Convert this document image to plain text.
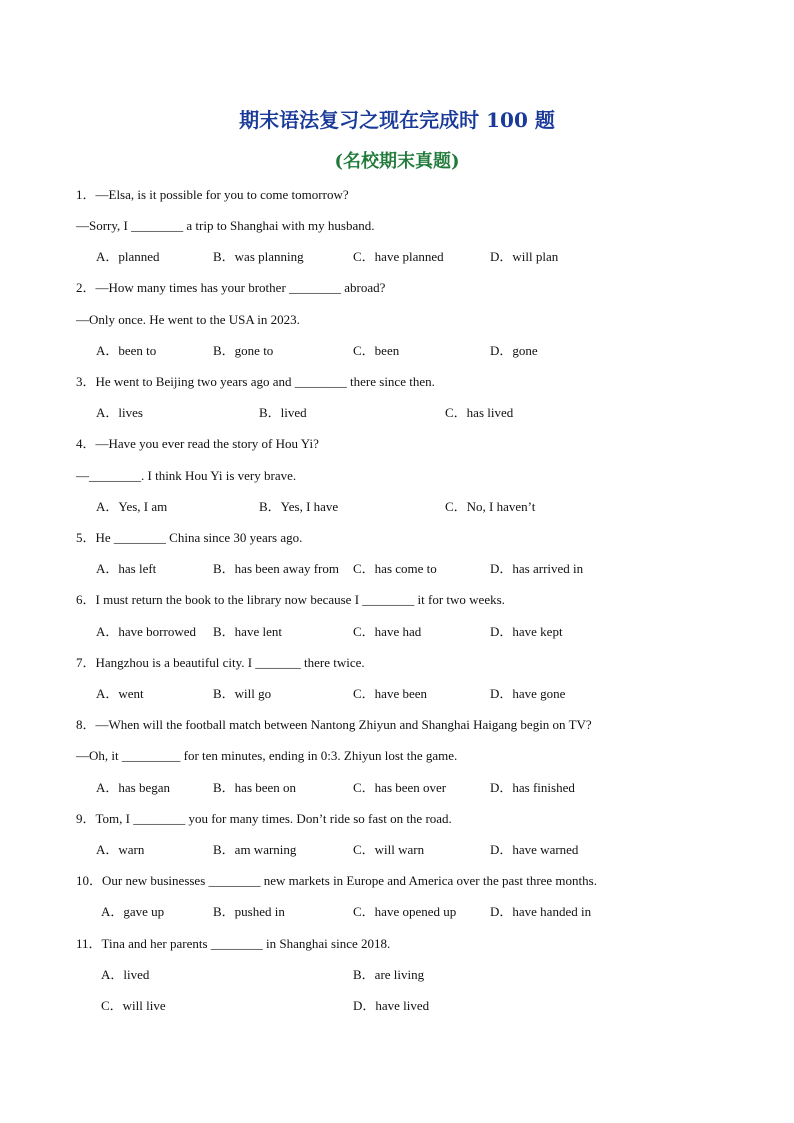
期末语法复习之现在完成时 100 题
(名校期末真题)
1．—Elsa, is it possible for you to come tomorrow?
—Sorry, I ________ a trip to Shanghai with my husband.
A．planned	B．was planning	C．have planned	D．will plan
2．—How many times has your brother ________ abroad?
—Only once. He went to the USA in 2023.
A．been to	B．gone to	C．been	D．gone
3．He went to Beijing two years ago and ________ there since then.
A．lives	B．lived	C．has lived
4．—Have you ever read the story of Hou Yi?
—________. I think Hou Yi is very brave.
A．Yes, I am	B．Yes, I have	C．No, I haven’t
5．He ________ China since 30 years ago.
A．has left	B．has been away from C．has come to	D．has arrived in
6．I must return the book to the library now because I ________ it for two weeks.
A．have borrowed B．have lent	C．have had	D．have kept
7．Hangzhou is a beautiful city. I _______ there twice.
A．went	B．will go	C．have been	D．have gone
8．—When will the football match between Nantong Zhiyun and Shanghai Haigang begin on TV?
—Oh, it _________ for ten minutes, ending in 0:3. Zhiyun lost the game.
A．has began	B．has been on	C．has been over	D．has finished
9．Tom, I ________ you for many times. Don’t ride so fast on the road.
A．warn	B．am warning	C．will warn	D．have warned
10．Our new businesses ________ new markets in Europe and America over the past three months.
A．gave up	B．pushed in	C．have opened up	D．have handed in
11．Tina and her parents ________ in Shanghai since 2018.
A．lived	B．are living
C．will live	D．have lived
